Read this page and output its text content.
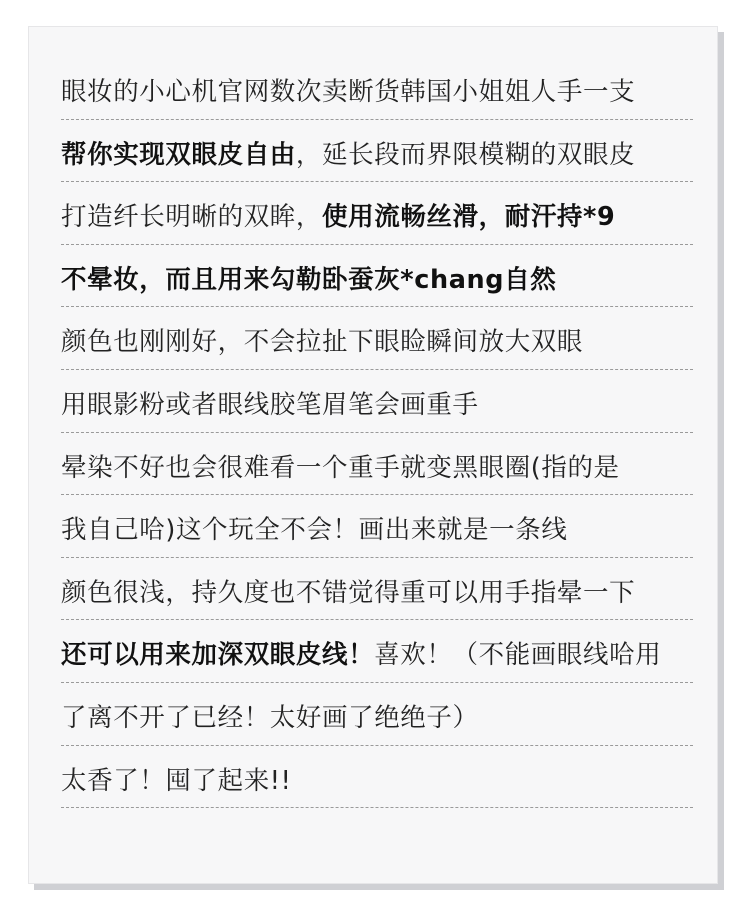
眼妆的小心机官网数次卖断货韩国小姐姐人手一支
帮你实现双眼皮自由，延长段而界限模糊的双眼皮
打造纤长明晰的双眸，使用流畅丝滑，耐汗持*9
不晕妆，而且用来勾勒卧蚕灰*chang自然
颜色也刚刚好，不会拉扯下眼睑瞬间放大双眼
用眼影粉或者眼线胶笔眉笔会画重手
晕染不好也会很难看一个重手就变黑眼圈(指的是
我自己哈)这个玩全不会！画出来就是一条线
颜色很浅，持久度也不错觉得重可以用手指晕一下
还可以用来加深双眼皮线！喜欢！（不能画眼线哈用
了离不开了已经！太好画了绝绝子）
太香了！囤了起来!!
